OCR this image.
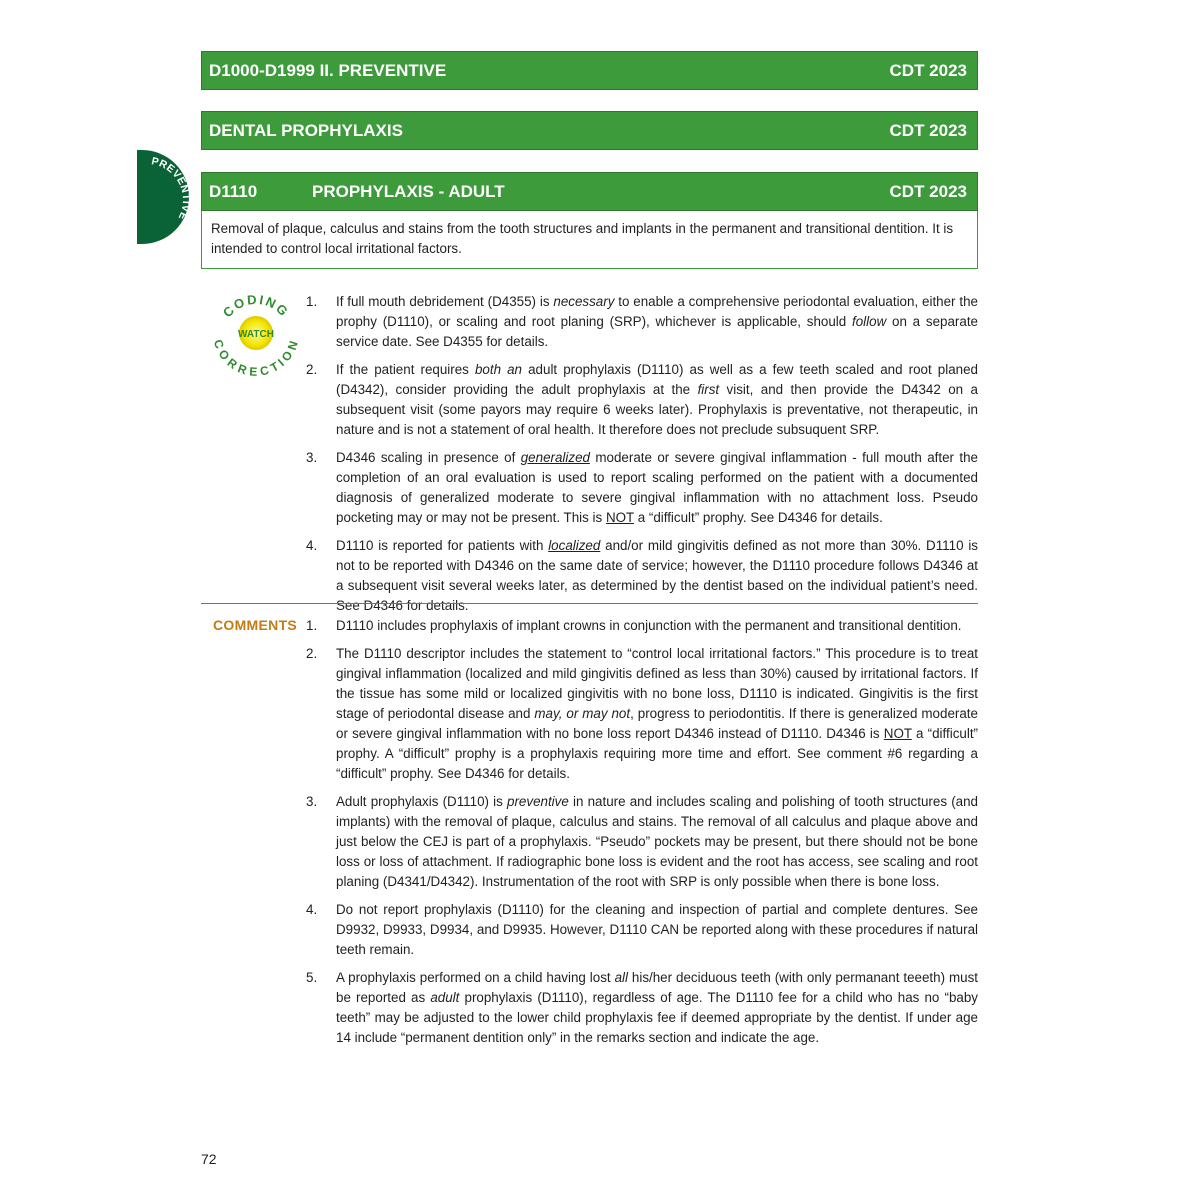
D1000-D1999 II. PREVENTIVE	CDT 2023
DENTAL PROPHYLAXIS	CDT 2023
D1110	PROPHYLAXIS - ADULT	CDT 2023
Removal of plaque, calculus and stains from the tooth structures and implants in the permanent and transitional dentition. It is intended to control local irritational factors.
PREVENTIVE
WATCH
CODING
CORRECTION
1. If full mouth debridement (D4355) is necessary to enable a comprehensive periodontal evaluation, either the prophy (D1110), or scaling and root planing (SRP), whichever is applicable, should follow on a separate service date. See D4355 for details.
2. If the patient requires both an adult prophylaxis (D1110) as well as a few teeth scaled and root planed (D4342), consider providing the adult prophylaxis at the first visit, and then provide the D4342 on a subsequent visit (some payors may require 6 weeks later). Prophylaxis is preventative, not therapeutic, in nature and is not a statement of oral health. It therefore does not preclude subsuquent SRP.
3. D4346 scaling in presence of generalized moderate or severe gingival inflammation - full mouth after the completion of an oral evaluation is used to report scaling performed on the patient with a documented diagnosis of generalized moderate to severe gingival inflammation with no attachment loss. Pseudo pocketing may or may not be present. This is NOT a “difficult” prophy. See D4346 for details.
4. D1110 is reported for patients with localized and/or mild gingivitis defined as not more than 30%. D1110 is not to be reported with D4346 on the same date of service; however, the D1110 procedure follows D4346 at a subsequent visit several weeks later, as determined by the dentist based on the individual patient’s need. See D4346 for details.
COMMENTS 1. D1110 includes prophylaxis of implant crowns in conjunction with the permanent and transitional dentition.
2. The D1110 descriptor includes the statement to “control local irritational factors.” This procedure is to treat gingival inflammation (localized and mild gingivitis defined as less than 30%) caused by irritational factors. If the tissue has some mild or localized gingivitis with no bone loss, D1110 is indicated. Gingivitis is the first stage of periodontal disease and may, or may not, progress to periodontitis. If there is generalized moderate or severe gingival inflammation with no bone loss report D4346 instead of D1110. D4346 is NOT a “difficult” prophy. A “difficult” prophy is a prophylaxis requiring more time and effort. See comment #6 regarding a “difficult” prophy. See D4346 for details.
3. Adult prophylaxis (D1110) is preventive in nature and includes scaling and polishing of tooth structures (and implants) with the removal of plaque, calculus and stains. The removal of all calculus and plaque above and just below the CEJ is part of a prophylaxis. “Pseudo” pockets may be present, but there should not be bone loss or loss of attachment. If radiographic bone loss is evident and the root has access, see scaling and root planing (D4341/D4342). Instrumentation of the root with SRP is only possible when there is bone loss.
4. Do not report prophylaxis (D1110) for the cleaning and inspection of partial and complete dentures. See D9932, D9933, D9934, and D9935. However, D1110 CAN be reported along with these procedures if natural teeth remain.
5. A prophylaxis performed on a child having lost all his/her deciduous teeth (with only permanant teeeth) must be reported as adult prophylaxis (D1110), regardless of age. The D1110 fee for a child who has no “baby teeth” may be adjusted to the lower child prophylaxis fee if deemed appropriate by the dentist. If under age 14 include “permanent dentition only” in the remarks section and indicate the age.
72
